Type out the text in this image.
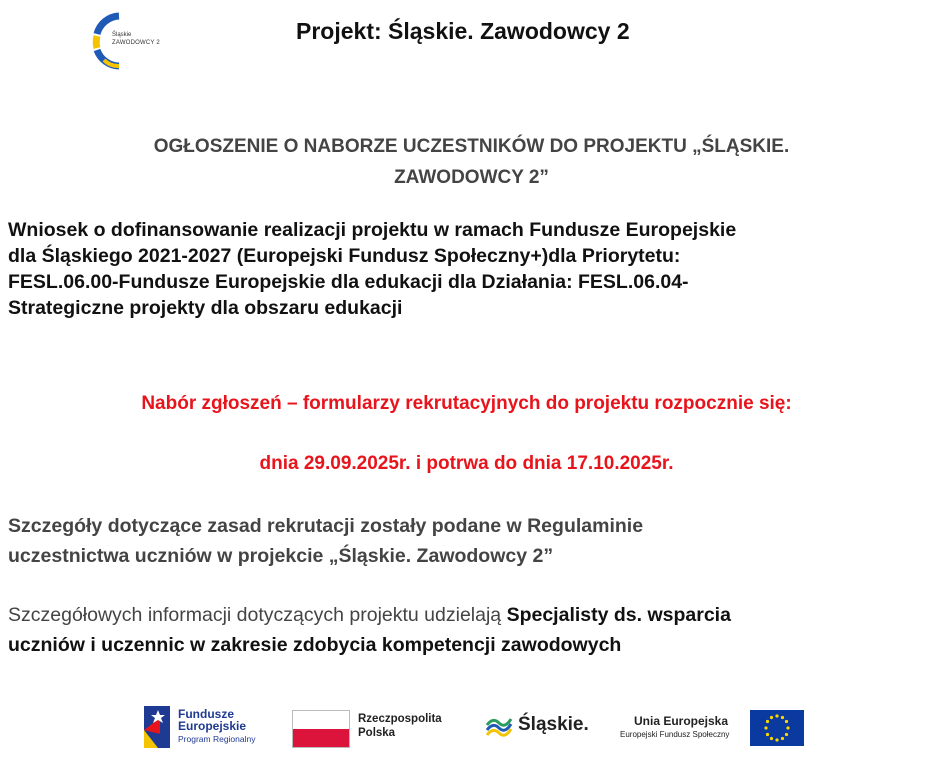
Śląskie
ZAWODOWCY 2	Projekt: Śląskie. Zawodowcy 2
OGŁOSZENIE O NABORZE UCZESTNIKÓW DO PROJEKTU „ŚLĄSKIE.
ZAWODOWCY 2”
Wniosek o dofinansowanie realizacji projektu w ramach Fundusze Europejskie
dla Śląskiego 2021-2027 (Europejski Fundusz Społeczny+)dla Priorytetu:
FESL.06.00-Fundusze Europejskie dla edukacji dla Działania: FESL.06.04-
Strategiczne projekty dla obszaru edukacji
Nabór zgłoszeń – formularzy rekrutacyjnych do projektu rozpocznie się:
dnia 29.09.2025r. i potrwa do dnia 17.10.2025r.
Szczegóły dotyczące zasad rekrutacji zostały podane w Regulaminie
uczestnictwa uczniów w projekcie „Śląskie. Zawodowcy 2”
Szczegółowych informacji dotyczących projektu udzielają Specjalisty ds. wsparcia
uczniów i uczennic w zakresie zdobycia kompetencji zawodowych
Fundusze
Europejskie
Program Regionalny
Rzeczpospolita
Polska	Śląskie.	Unia Europejska
Europejski Fundusz Społeczny
